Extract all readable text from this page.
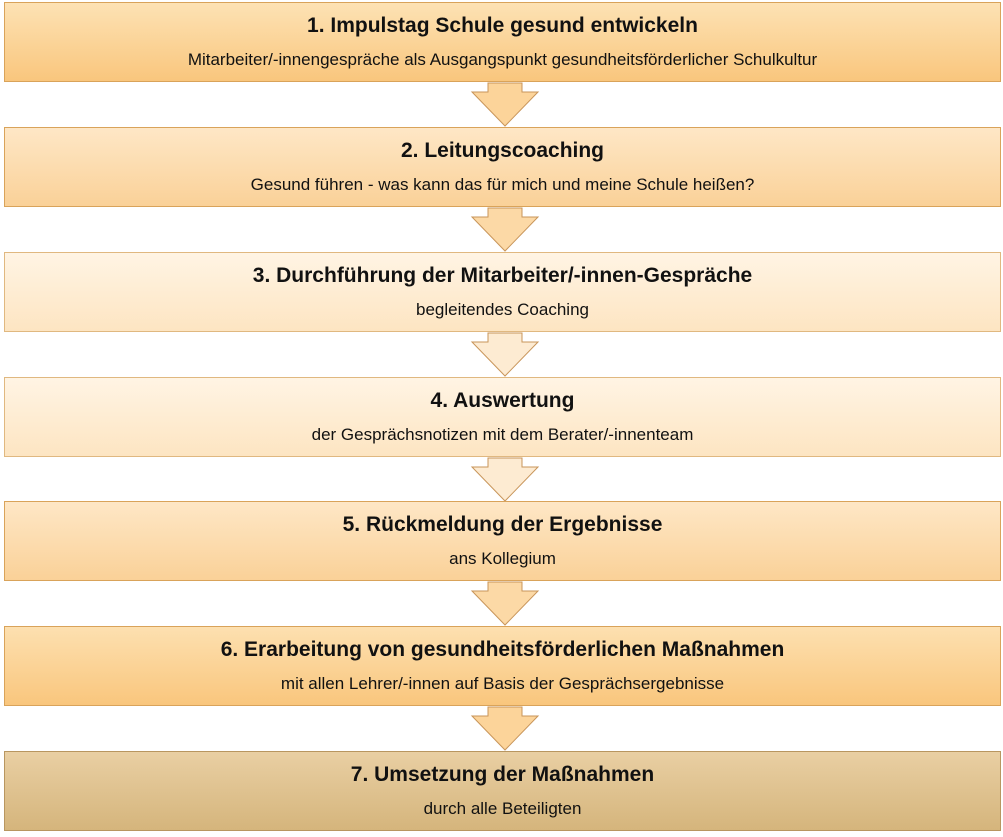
1. Impulstag Schule gesund entwickeln
Mitarbeiter/-innengespräche als Ausgangspunkt gesundheitsförderlicher Schulkultur
2. Leitungscoaching
Gesund führen - was kann das für mich und meine Schule heißen?
3. Durchführung der Mitarbeiter/-innen-Gespräche
begleitendes Coaching
4. Auswertung
der Gesprächsnotizen mit dem Berater/-innenteam
5. Rückmeldung der Ergebnisse
ans Kollegium
6. Erarbeitung von gesundheitsförderlichen Maßnahmen
mit allen Lehrer/-innen auf Basis der Gesprächsergebnisse
7. Umsetzung der Maßnahmen
durch alle Beteiligten
